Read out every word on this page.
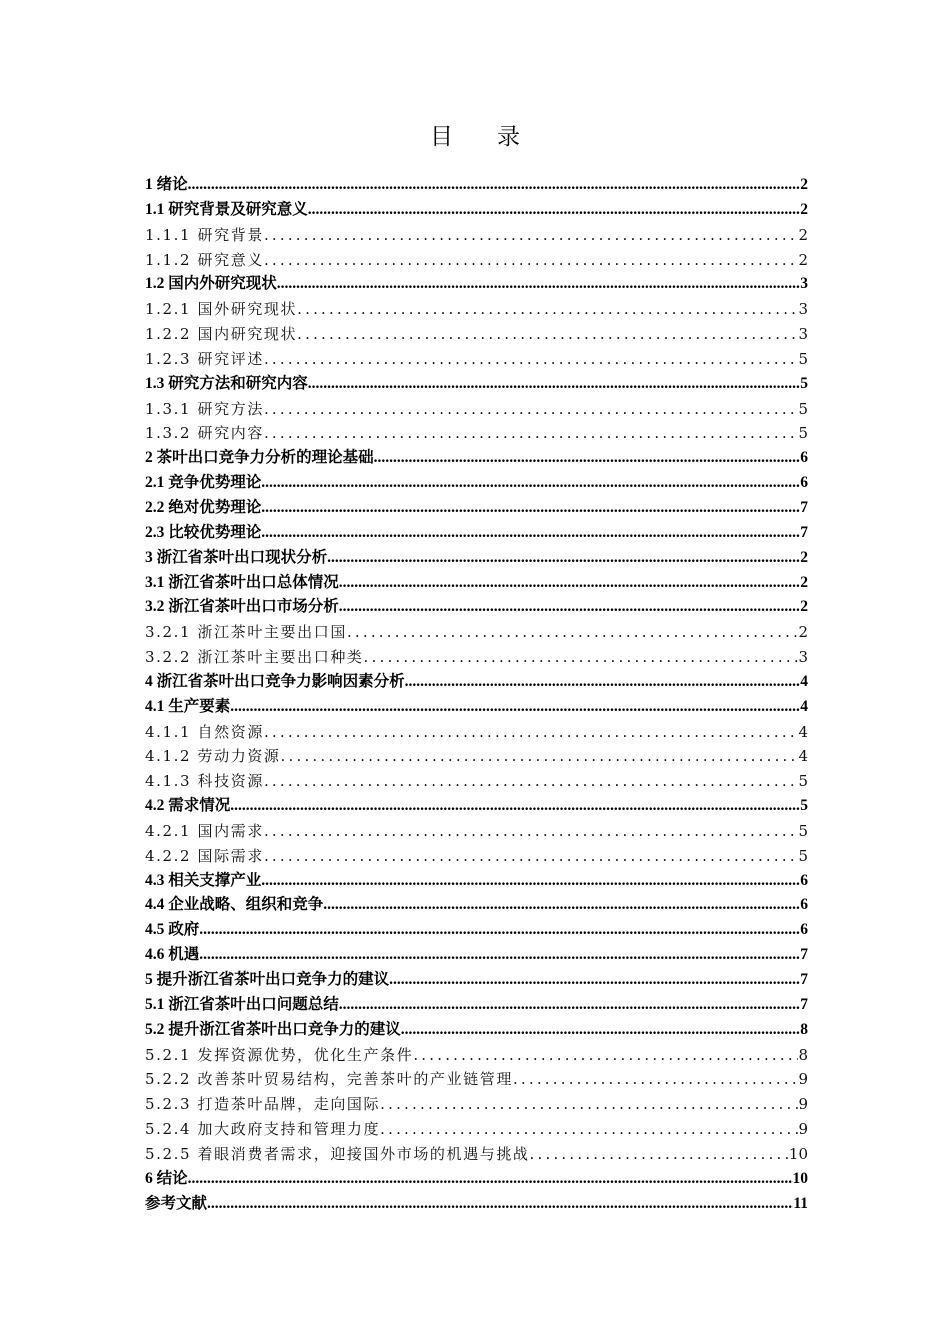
目 录
1 绪论 .....	2
1.1 研究背景及研究意义 .....	2
1.1.1 研究背景 .....	2
1.1.2 研究意义 .....	2
1.2 国内外研究现状 .....	3
1.2.1 国外研究现状 .....	3
1.2.2 国内研究现状 .....	3
1.2.3 研究评述 .....	5
1.3 研究方法和研究内容 .....	5
1.3.1 研究方法 .....	5
1.3.2 研究内容 .....	5
2 茶叶出口竞争力分析的理论基础 .....	6
2.1 竞争优势理论 .....	6
2.2 绝对优势理论 .....	7
2.3 比较优势理论 .....	7
3 浙江省茶叶出口现状分析 .....	2
3.1 浙江省茶叶出口总体情况 .....	2
3.2 浙江省茶叶出口市场分析 .....	2
3.2.1 浙江茶叶主要出口国 .....	2
3.2.2 浙江茶叶主要出口种类 .....	3
4 浙江省茶叶出口竞争力影响因素分析 .....	4
4.1 生产要素 .....	4
4.1.1 自然资源 .....	4
4.1.2 劳动力资源 .....	4
4.1.3 科技资源 .....	5
4.2 需求情况 .....	5
4.2.1 国内需求 .....	5
4.2.2 国际需求 .....	5
4.3 相关支撑产业 .....	6
4.4 企业战略、组织和竞争 .....	6
4.5 政府 .....	6
4.6 机遇 .....	7
5 提升浙江省茶叶出口竞争力的建议 .....	7
5.1 浙江省茶叶出口问题总结 .....	7
5.2 提升浙江省茶叶出口竞争力的建议 .....	8
5.2.1 发挥资源优势，优化生产条件 .....	8
5.2.2 改善茶叶贸易结构，完善茶叶的产业链管理 .....	9
5.2.3 打造茶叶品牌，走向国际 .....	9
5.2.4 加大政府支持和管理力度 .....	9
5.2.5 着眼消费者需求，迎接国外市场的机遇与挑战 .....	10
6 结论 .....	10
参考文献 .....	11
